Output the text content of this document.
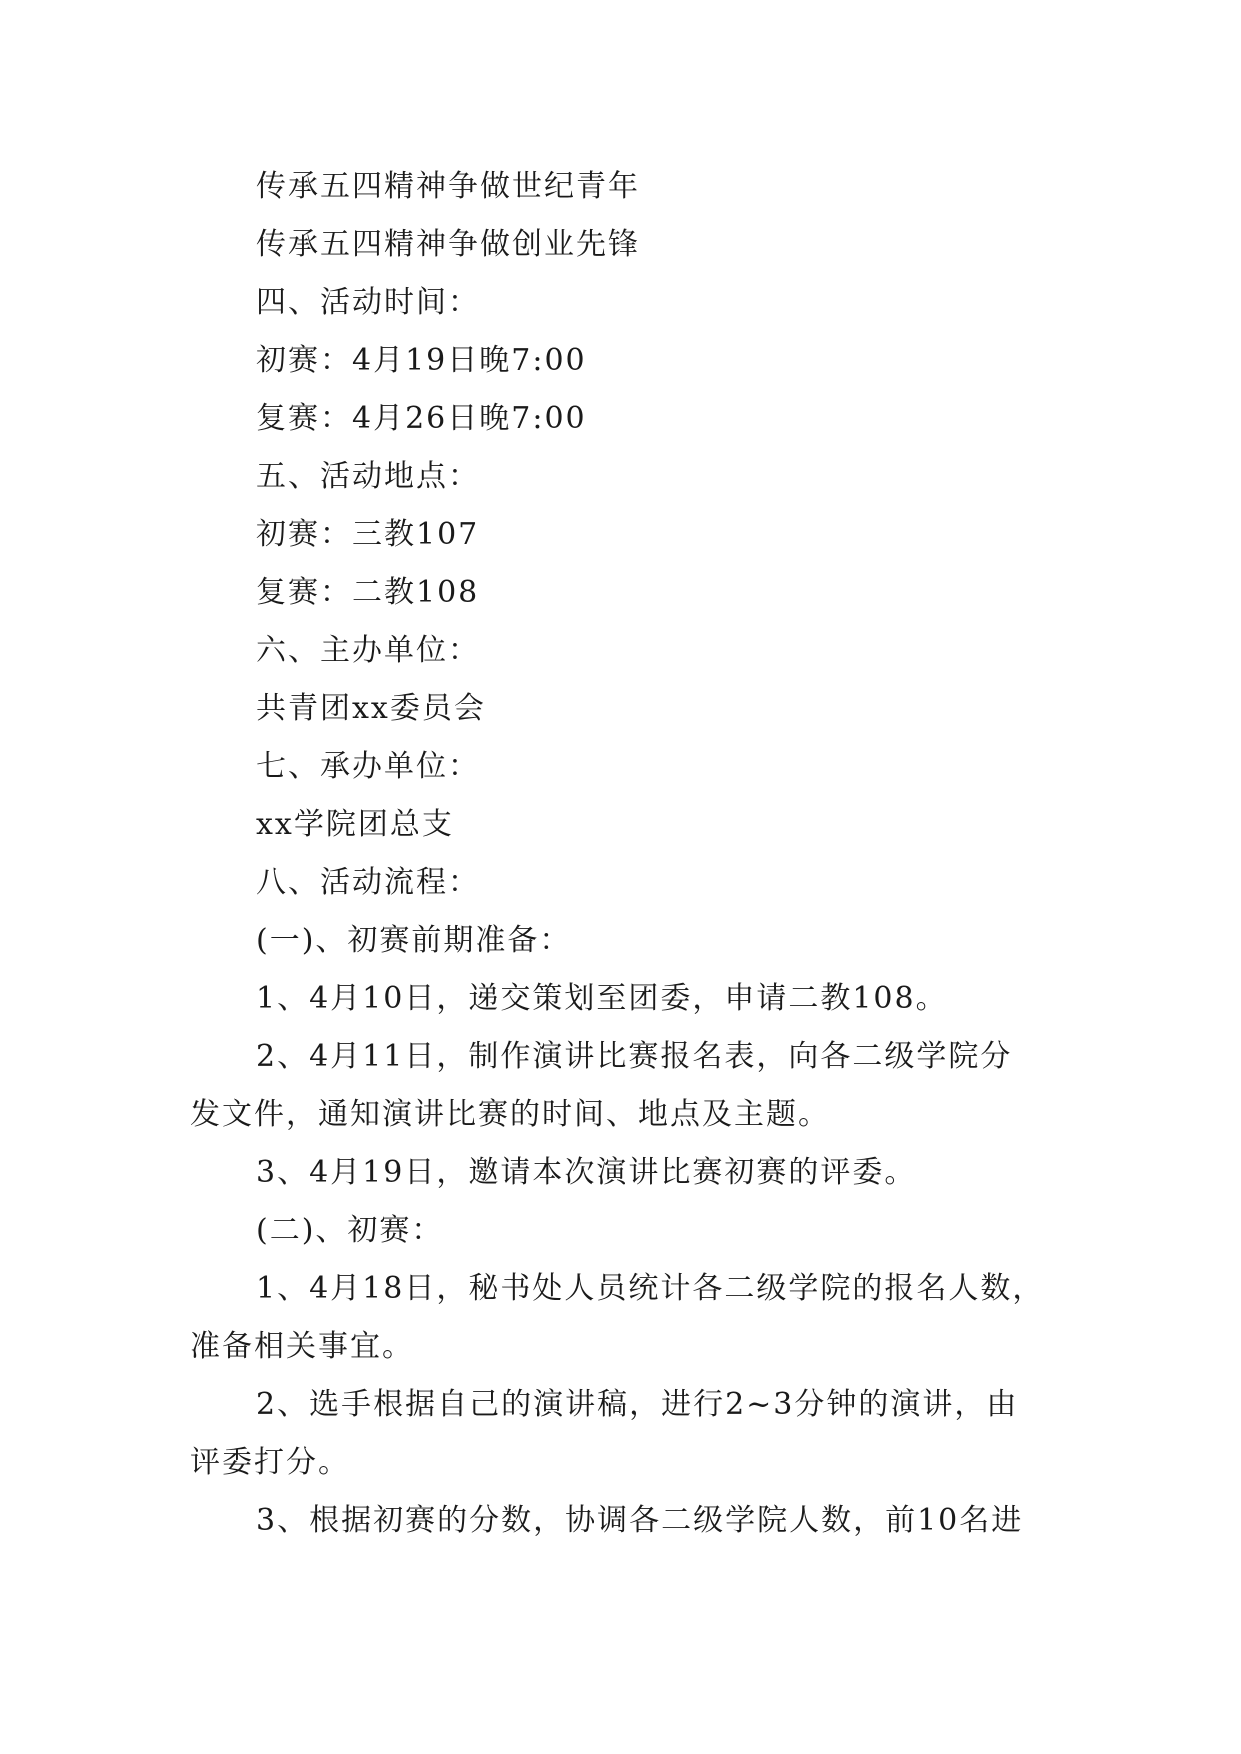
传承五四精神争做世纪青年
传承五四精神争做创业先锋
四、活动时间：
初赛：4月19日晚7:00
复赛：4月26日晚7:00
五、活动地点：
初赛：三教107
复赛：二教108
六、主办单位：
共青团xx委员会
七、承办单位：
xx学院团总支
八、活动流程：
(一)、初赛前期准备：
1、4月10日，递交策划至团委，申请二教108。
2、4月11日，制作演讲比赛报名表，向各二级学院分
发文件，通知演讲比赛的时间、地点及主题。
3、4月19日，邀请本次演讲比赛初赛的评委。
(二)、初赛：
1、4月18日，秘书处人员统计各二级学院的报名人数，
准备相关事宜。
2、选手根据自己的演讲稿，进行2~3分钟的演讲，由
评委打分。
3、根据初赛的分数，协调各二级学院人数，前10名进
